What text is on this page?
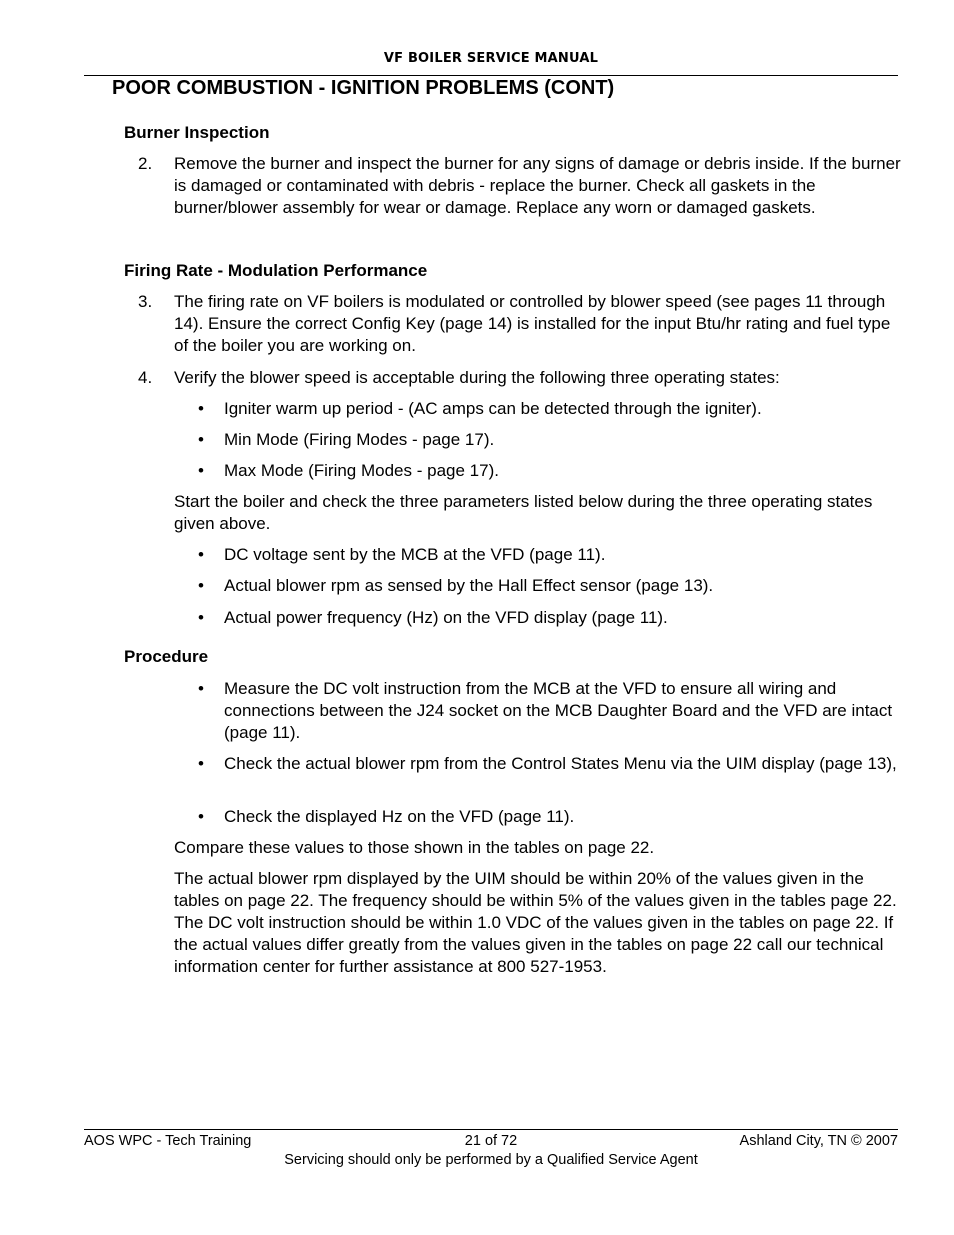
VF BOILER SERVICE MANUAL
POOR COMBUSTION - IGNITION PROBLEMS (CONT)
Burner Inspection
2. Remove the burner and inspect the burner for any signs of damage or debris inside. If the burner is damaged or contaminated with debris - replace the burner. Check all gaskets in the burner/blower assembly for wear or damage. Replace any worn or damaged gaskets.
Firing Rate - Modulation Performance
3. The firing rate on VF boilers is modulated or controlled by blower speed (see pages 11 through 14). Ensure the correct Config Key (page 14) is installed for the input Btu/hr rating and fuel type of the boiler you are working on.
4. Verify the blower speed is acceptable during the following three operating states:
• Igniter warm up period - (AC amps can be detected through the igniter).
• Min Mode (Firing Modes - page 17).
• Max Mode (Firing Modes - page 17).
Start the boiler and check the three parameters listed below during the three operating states given above.
• DC voltage sent by the MCB at the VFD (page 11).
• Actual blower rpm as sensed by the Hall Effect sensor (page 13).
• Actual power frequency (Hz) on the VFD display (page 11).
Procedure
• Measure the DC volt instruction from the MCB at the VFD to ensure all wiring and connections between the J24 socket on the MCB Daughter Board and the VFD are intact (page 11).
• Check the actual blower rpm from the Control States Menu via the UIM display (page 13),
• Check the displayed Hz on the VFD (page 11).
Compare these values to those shown in the tables on page 22.
The actual blower rpm displayed by the UIM should be within 20% of the values given in the tables on page 22. The frequency should be within 5% of the values given in the tables page 22. The DC volt instruction should be within 1.0 VDC of the values given in the tables on page 22. If the actual values differ greatly from the values given in the tables on page 22 call our technical information center for further assistance at 800 527-1953.
AOS WPC - Tech Training	21 of 72	Ashland City, TN © 2007
Servicing should only be performed by a Qualified Service Agent
